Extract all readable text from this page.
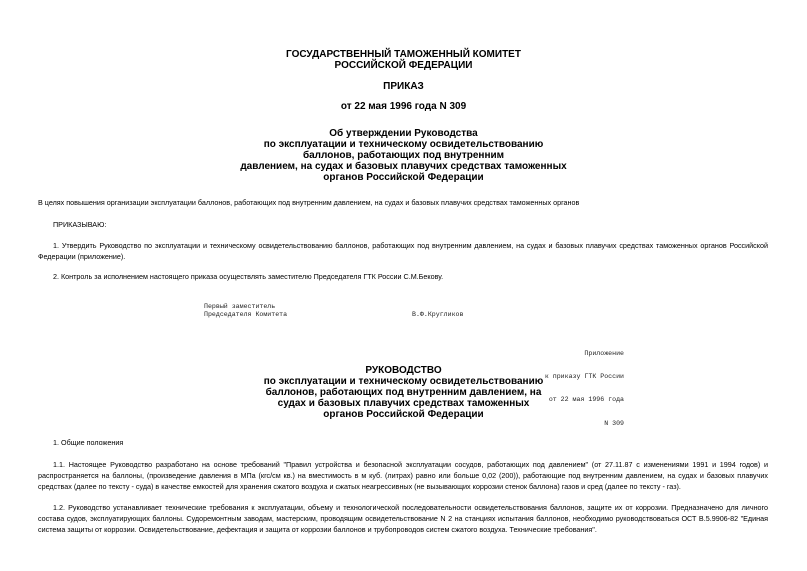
ГОСУДАРСТВЕННЫЙ ТАМОЖЕННЫЙ КОМИТЕТ
РОССИЙСКОЙ ФЕДЕРАЦИИ
ПРИКАЗ
от 22 мая 1996 года N 309
Об утверждении Руководства
по эксплуатации и техническому освидетельствованию
баллонов, работающих под внутренним
давлением, на судах и базовых плавучих средствах таможенных
органов Российской Федерации
В целях повышения организации эксплуатации баллонов, работающих под внутренним давлением, на судах и базовых плавучих средствах таможенных органов
ПРИКАЗЫВАЮ:
1. Утвердить Руководство по эксплуатации и техническому освидетельствованию баллонов, работающих под внутренним давлением, на судах и базовых плавучих средствах таможенных органов Российской Федерации (приложение).
2. Контроль за исполнением настоящего приказа осуществлять заместителю Председателя ГТК России С.М.Бекову.
Первый заместитель
Председателя Комитета	В.Ф.Кругликов

Приложение

к приказу ГТК России

от 22 мая 1996 года

N 309

РУКОВОДСТВО
по эксплуатации и техническому освидетельствованию
баллонов, работающих под внутренним давлением, на
судах и базовых плавучих средствах таможенных
органов Российской Федерации
1. Общие положения
1.1. Настоящее Руководство разработано на основе требований "Правил устройства и безопасной эксплуатации сосудов, работающих под давлением" (от 27.11.87 с изменениями 1991 и 1994 годов) и распространяется на баллоны, (произведение давления в МПа (кгс/см кв.) на вместимость в м куб. (литрах) равно или больше 0,02 (200)), работающие под внутренним давлением, на судах и базовых плавучих средствах (далее по тексту - суда) в качестве емкостей для хранения сжатого воздуха и сжатых неагрессивных (не вызывающих коррозии стенок баллона) газов и сред (далее по тексту - газ).
1.2. Руководство устанавливает технические требования к эксплуатации, объему и технологической последовательности освидетельствования баллонов, защите их от коррозии. Предназначено для личного состава судов, эксплуатирующих баллоны. Судоремонтным заводам, мастерским, проводящим освидетельствование N 2 на станциях испытания баллонов, необходимо руководствоваться ОСТ В.5.9906-82 "Единая система защиты от коррозии. Освидетельствование, дефектация и защита от коррозии баллонов и трубопроводов систем сжатого воздуха. Технические требования".
